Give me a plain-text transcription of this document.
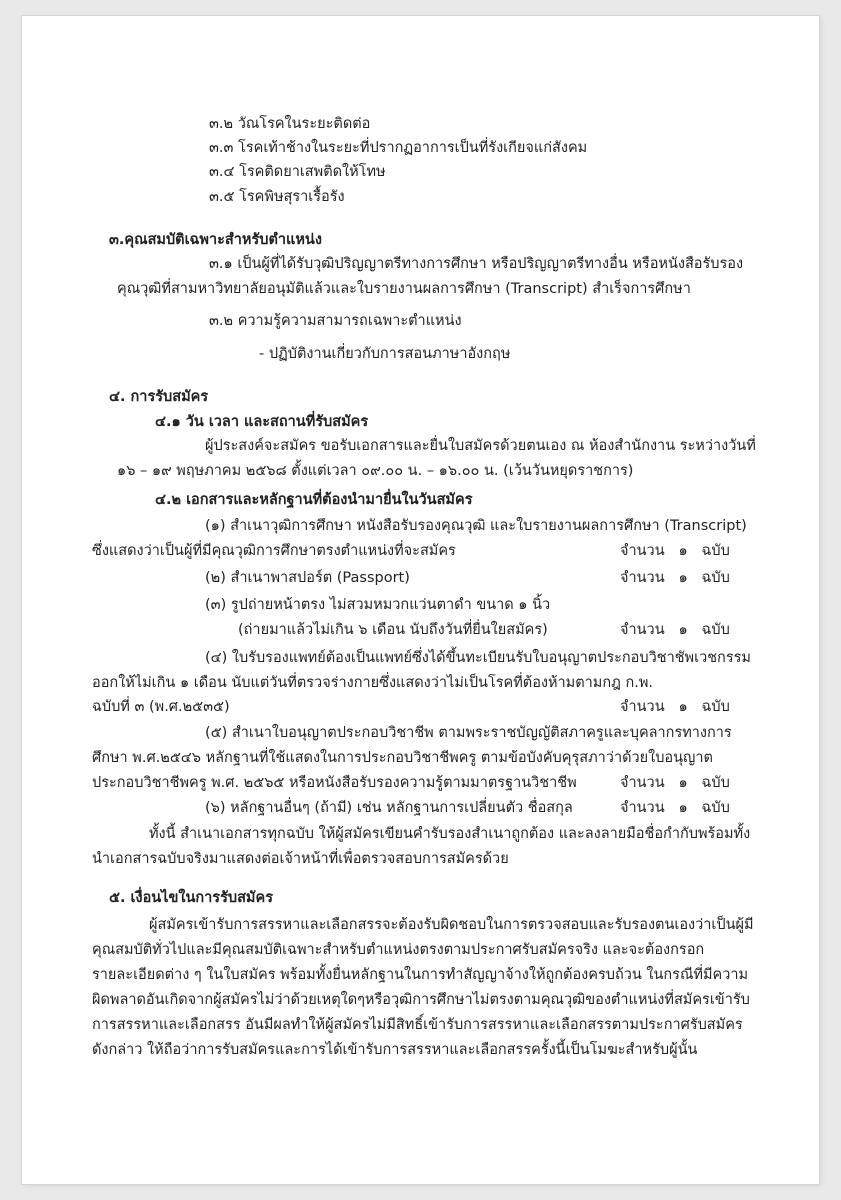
๓.๒ วัณโรคในระยะติดต่อ
๓.๓ โรคเท้าช้างในระยะที่ปรากฏอาการเป็นที่รังเกียจแก่สังคม
๓.๔ โรคติดยาเสพติดให้โทษ
๓.๕ โรคพิษสุราเรื้อรัง
๓.คุณสมบัติเฉพาะสำหรับตำแหน่ง
๓.๑ เป็นผู้ที่ได้รับวุฒิปริญญาตรีทางการศึกษา หรือปริญญาตรีทางอื่น หรือหนังสือรับรอง
คุณวุฒิที่สามหาวิทยาลัยอนุมัติแล้วและใบรายงานผลการศึกษา (Transcript) สำเร็จการศึกษา
๓.๒ ความรู้ความสามารถเฉพาะตำแหน่ง
- ปฏิบัติงานเกี่ยวกับการสอนภาษาอังกฤษ
๔. การรับสมัคร
๔.๑ วัน เวลา และสถานที่รับสมัคร
ผู้ประสงค์จะสมัคร ขอรับเอกสารและยื่นใบสมัครด้วยตนเอง ณ ห้องสำนักงาน ระหว่างวันที่
๑๖ – ๑๙ พฤษภาคม ๒๕๖๘ ตั้งแต่เวลา ๐๙.๐๐ น. – ๑๖.๐๐ น. (เว้นวันหยุดราชการ)
๔.๒ เอกสารและหลักฐานที่ต้องนำมายื่นในวันสมัคร
(๑) สำเนาวุฒิการศึกษา หนังสือรับรองคุณวุฒิ และใบรายงานผลการศึกษา (Transcript)
ซึ่งแสดงว่าเป็นผู้ที่มีคุณวุฒิการศึกษาตรงตำแหน่งที่จะสมัคร	จำนวน ๑ ฉบับ
(๒) สำเนาพาสปอร์ต (Passport)	จำนวน ๑ ฉบับ
(๓) รูปถ่ายหน้าตรง ไม่สวมหมวกแว่นตาดำ ขนาด ๑ นิ้ว
(ถ่ายมาแล้วไม่เกิน ๖ เดือน นับถึงวันที่ยื่นใยสมัคร)	จำนวน ๑ ฉบับ
(๔) ใบรับรองแพทย์ต้องเป็นแพทย์ซึ่งได้ขึ้นทะเบียนรับใบอนุญาตประกอบวิชาชัพเวชกรรม
ออกให้ไม่เกิน ๑ เดือน นับแต่วันที่ตรวจร่างกายซึ่งแสดงว่าไม่เป็นโรคที่ต้องห้ามตามกฎ ก.พ.
ฉบับที่ ๓ (พ.ศ.๒๕๓๕)	จำนวน ๑ ฉบับ
(๕) สำเนาใบอนุญาตประกอบวิชาชีพ ตามพระราชบัญญัติสภาครูและบุคลากรทางการ
ศึกษา พ.ศ.๒๕๔๖ หลักฐานที่ใช้แสดงในการประกอบวิชาชีพครู ตามข้อบังคับคุรุสภาว่าด้วยใบอนุญาต
ประกอบวิชาชีพครู พ.ศ. ๒๕๖๕ หรือหนังสือรับรองความรู้ตามมาตรฐานวิชาชีพ	จำนวน ๑ ฉบับ
(๖) หลักฐานอื่นๆ (ถ้ามี) เช่น หลักฐานการเปลี่ยนตัว ชื่อสกุล	จำนวน ๑ ฉบับ
ทั้งนี้ สำเนาเอกสารทุกฉบับ ให้ผู้สมัครเขียนคำรับรองสำเนาถูกต้อง และลงลายมือชื่อกำกับพร้อมทั้ง
นำเอกสารฉบับจริงมาแสดงต่อเจ้าหน้าที่เพื่อตรวจสอบการสมัครด้วย
๕. เงื่อนไขในการรับสมัคร
ผู้สมัครเข้ารับการสรรหาและเลือกสรรจะต้องรับผิดชอบในการตรวจสอบและรับรองตนเองว่าเป็นผู้มี
คุณสมบัติทั่วไปและมีคุณสมบัติเฉพาะสำหรับตำแหน่งตรงตามประกาศรับสมัครจริง และจะต้องกรอก
รายละเอียดต่าง ๆ ในใบสมัคร พร้อมทั้งยื่นหลักฐานในการทำสัญญาจ้างให้ถูกต้องครบถ้วน ในกรณีที่มีความ
ผิดพลาดอันเกิดจากผู้สมัครไม่ว่าด้วยเหตุใดๆหรือวุฒิการศึกษาไม่ตรงตามคุณวุฒิของตำแหน่งที่สมัครเข้ารับ
การสรรหาและเลือกสรร อันมีผลทำให้ผู้สมัครไม่มีสิทธิ์เข้ารับการสรรหาและเลือกสรรตามประกาศรับสมัคร
ดังกล่าว ให้ถือว่าการรับสมัครและการได้เข้ารับการสรรหาและเลือกสรรครั้งนี้เป็นโมฆะสำหรับผู้นั้น
